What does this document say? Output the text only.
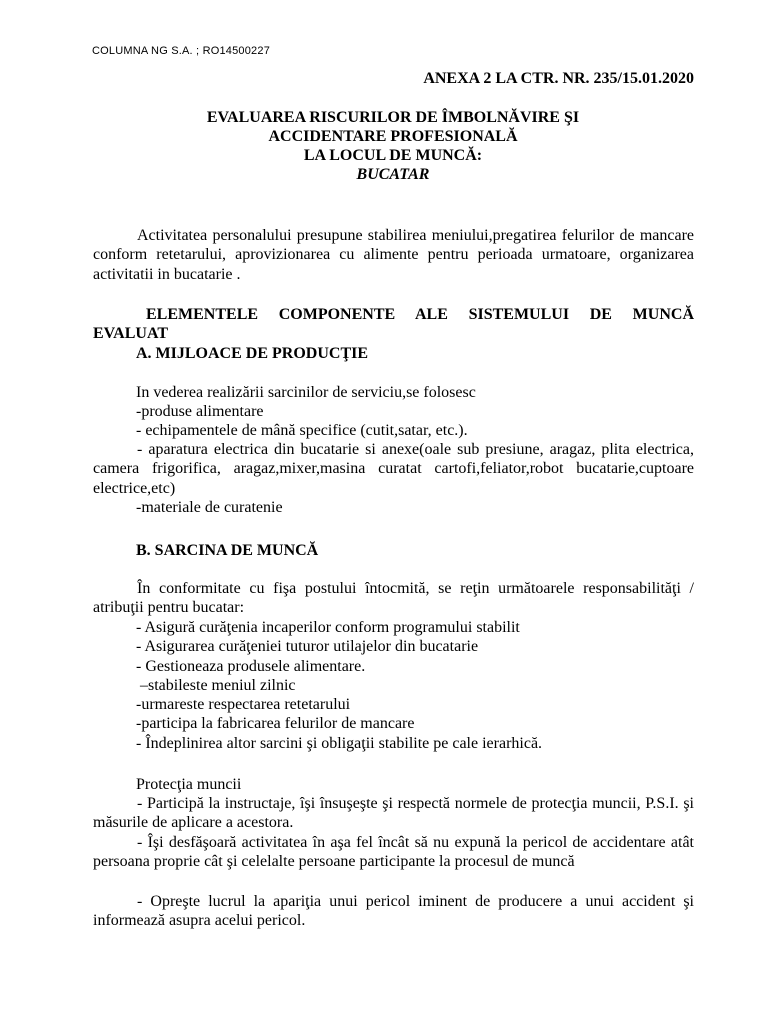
COLUMNA NG S.A. ; RO14500227
ANEXA 2 LA CTR. NR. 235/15.01.2020
EVALUAREA RISCURILOR DE ÎMBOLNĂVIRE ŞI
ACCIDENTARE PROFESIONALĂ
LA LOCUL DE MUNCĂ:
BUCATAR
Activitatea personalului presupune stabilirea meniului,pregatirea felurilor de mancare conform retetarului, aprovizionarea cu alimente pentru perioada urmatoare, organizarea activitatii in bucatarie .
ELEMENTELE COMPONENTE ALE SISTEMULUI DE MUNCĂ
EVALUAT
A. MIJLOACE DE PRODUCŢIE
In vederea realizării sarcinilor de serviciu,se folosesc
-produse alimentare
- echipamentele de mână specifice (cutit,satar, etc.).
- aparatura electrica din bucatarie si anexe(oale sub presiune, aragaz, plita electrica, camera frigorifica, aragaz,mixer,masina curatat cartofi,feliator,robot bucatarie,cuptoare electrice,etc)
-materiale de curatenie
B. SARCINA DE MUNCĂ
În conformitate cu fişa postului întocmită, se reţin următoarele responsabilităţi / atribuţii pentru bucatar:
- Asigură curăţenia incaperilor conform programului stabilit
- Asigurarea curăţeniei tuturor utilajelor din bucatarie
- Gestioneaza produsele alimentare.
–stabileste meniul zilnic
-urmareste respectarea retetarului
-participa la fabricarea felurilor de mancare
- Îndeplinirea altor sarcini şi obligaţii stabilite pe cale ierarhică.
Protecţia muncii
- Participă la instructaje, îşi însuşeşte şi respectă normele de protecţia muncii, P.S.I. şi măsurile de aplicare a acestora.
- Îşi desfăşoară activitatea în aşa fel încât să nu expună la pericol de accidentare atât persoana proprie cât şi celelalte persoane participante la procesul de muncă
- Opreşte lucrul la apariţia unui pericol iminent de producere a unui accident şi informează asupra acelui pericol.
